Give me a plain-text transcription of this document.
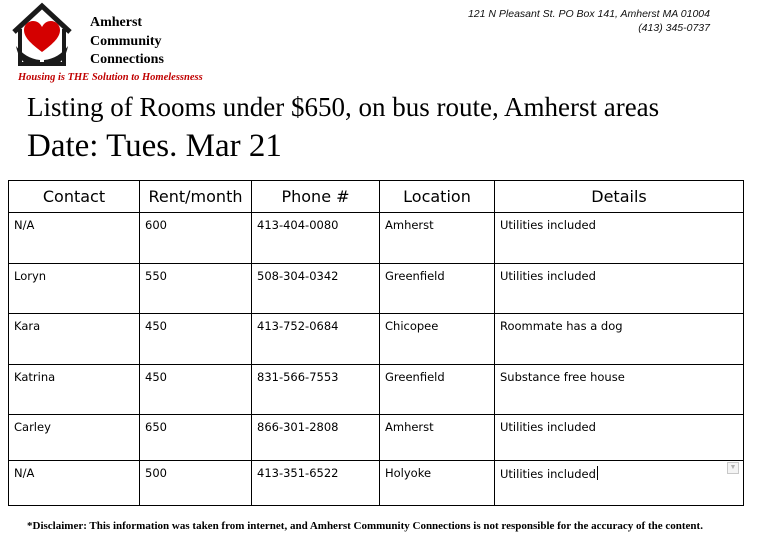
Amherst
Community
Connections
Housing is THE Solution to Homelessness
121 N Pleasant St. PO Box 141, Amherst MA 01004
(413) 345-0737
Listing of Rooms under $650, on bus route, Amherst areas
Date: Tues. Mar 21
Contact	Rent/month	Phone #	Location	Details
N/A	600	413-404-0080	Amherst	Utilities included
Loryn	550	508-304-0342	Greenfield	Utilities included
Kara	450	413-752-0684	Chicopee	Roommate has a dog
Katrina	450	831-566-7553	Greenfield	Substance free house
Carley	650	866-301-2808	Amherst	Utilities included
N/A	500	413-351-6522	Holyoke	Utilities included	▼
*Disclaimer: This information was taken from internet, and Amherst Community Connections is not responsible for the accuracy of the content.
